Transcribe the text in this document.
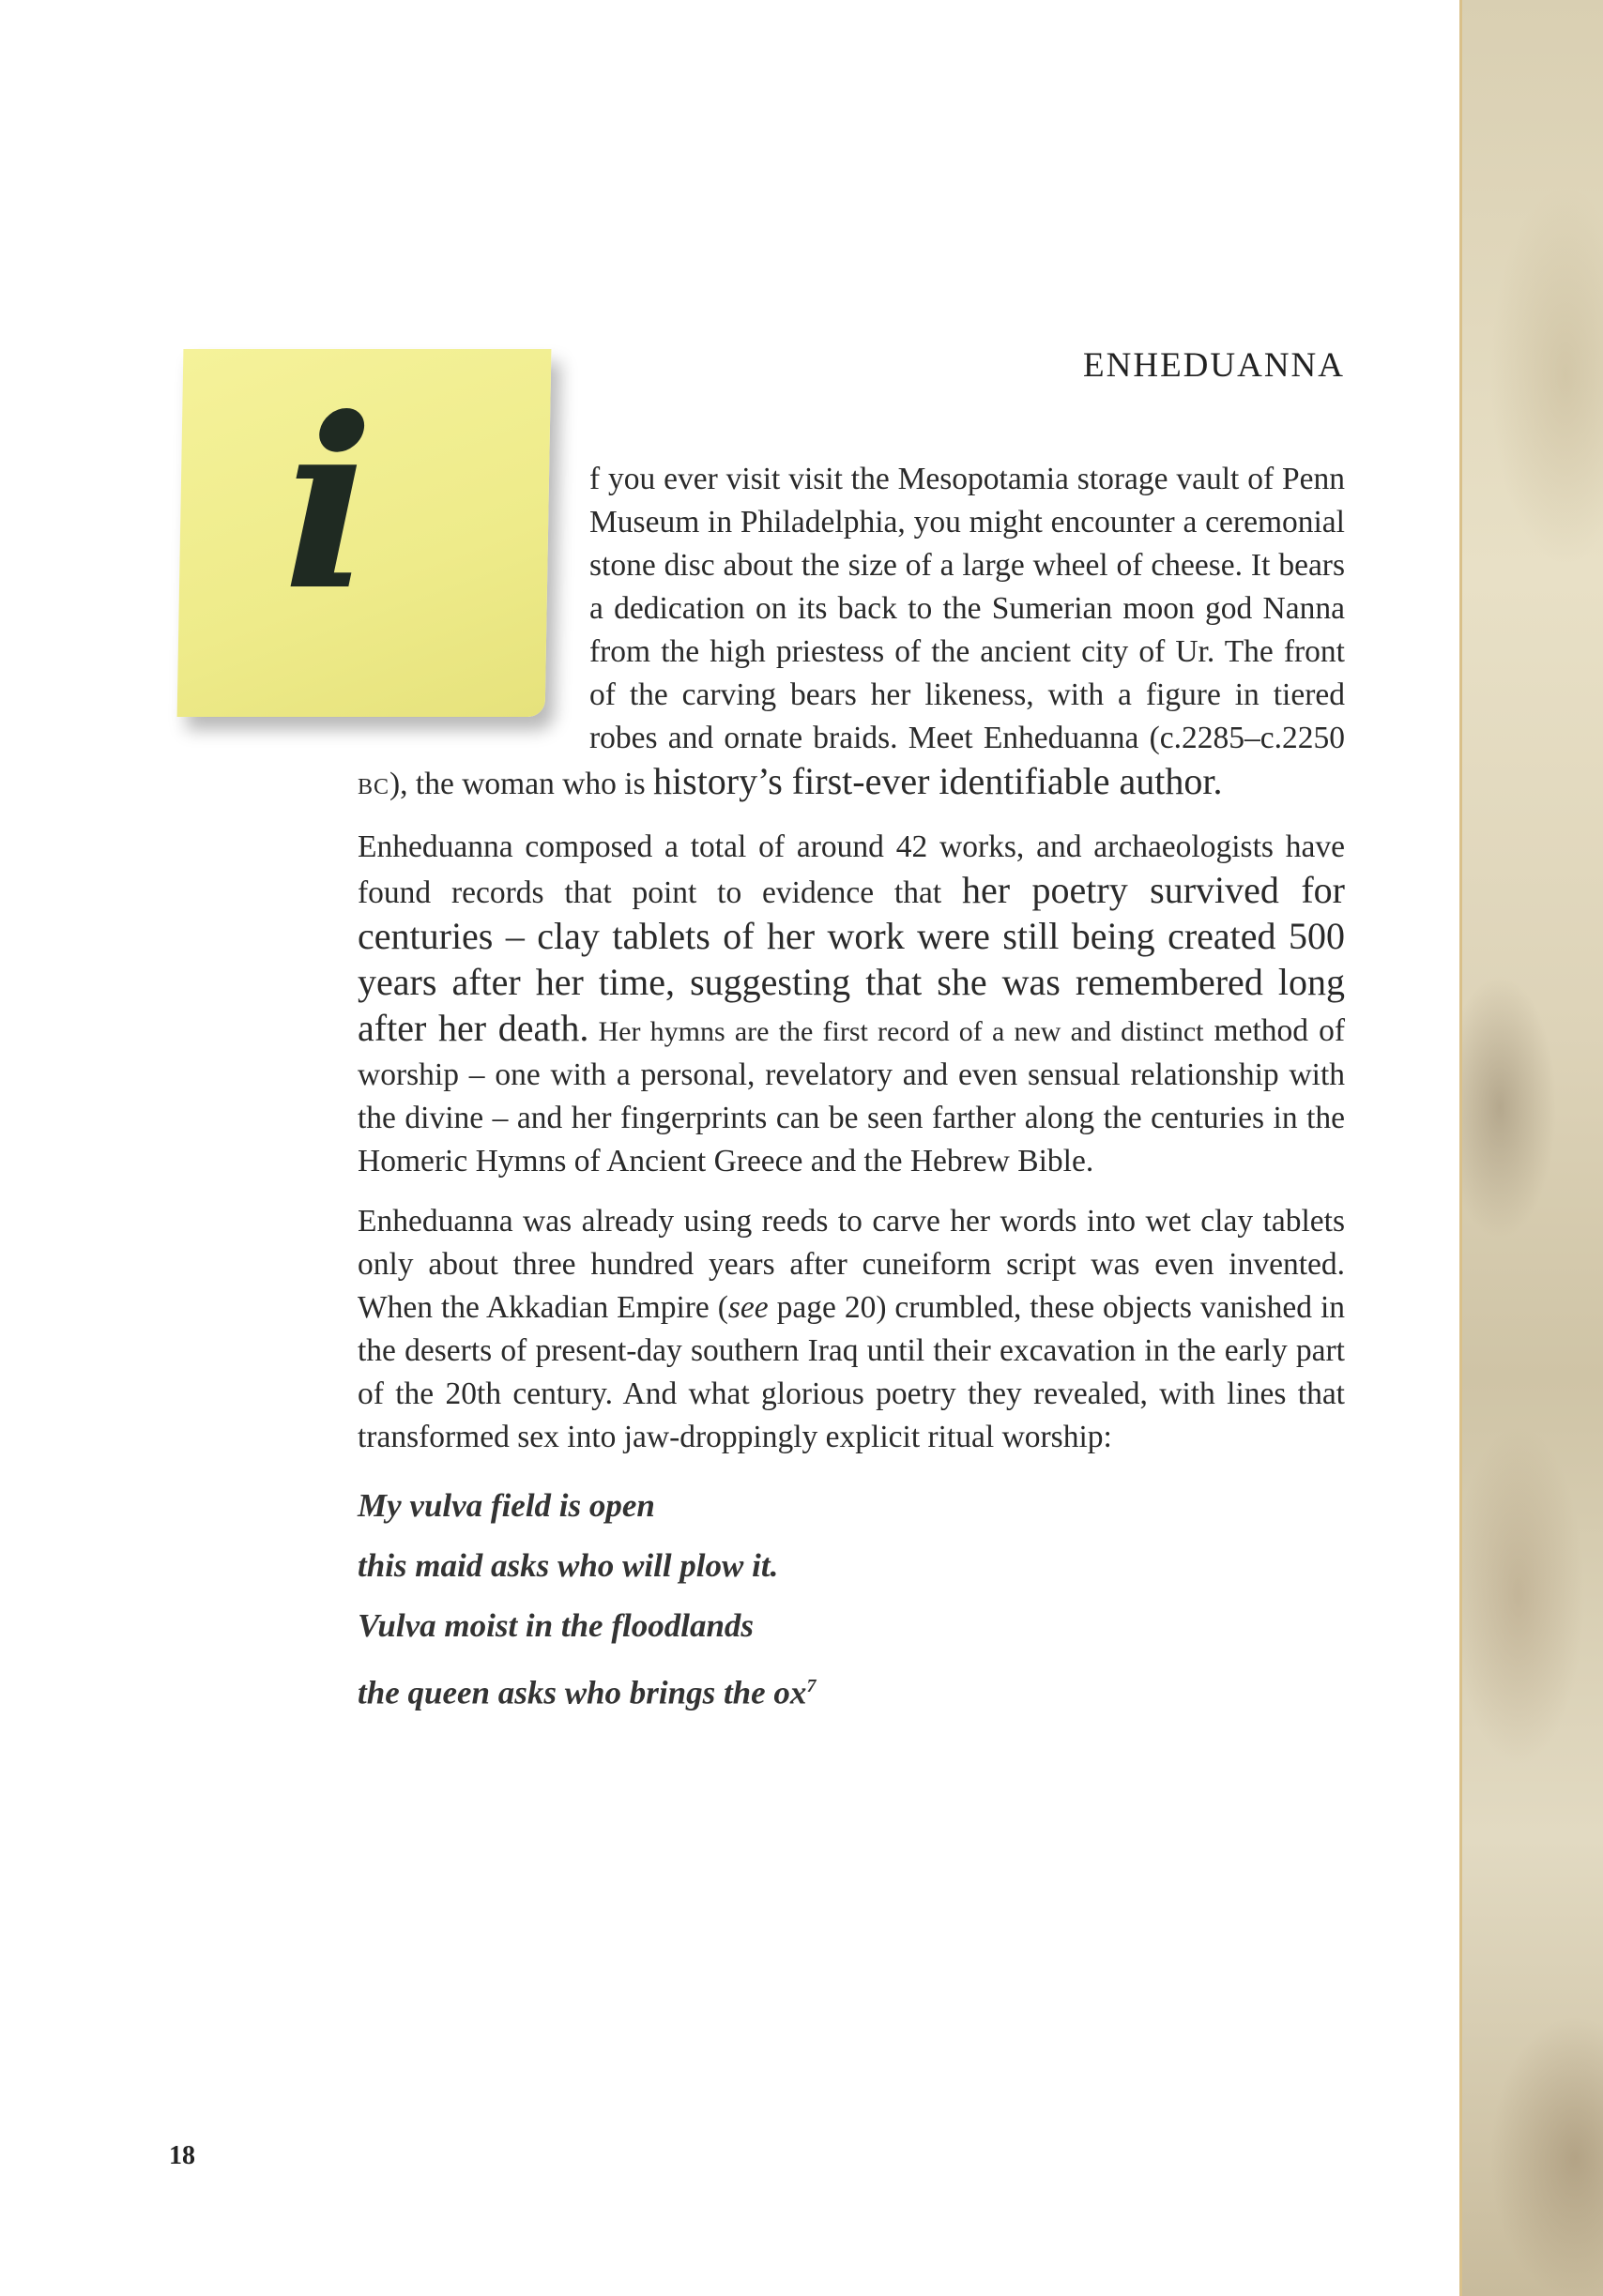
i
ENHEDUANNA

f you ever visit visit the Mesopotamia storage vault of Penn Museum in Philadelphia, you might encounter a ceremonial stone disc about the size of a large wheel of cheese. It bears a dedication on its back to the Sumerian moon god Nanna from the high priestess of the ancient city of Ur. The front of the carving bears her likeness, with a figure in tiered robes and ornate braids. Meet Enheduanna (c.2285–c.2250 BC), the woman who is history’s first-ever identifiable author.

Enheduanna composed a total of around 42 works, and archaeologists have found records that point to evidence that her poetry survived for centuries – clay tablets of her work were still being created 500 years after her time, suggesting that she was remembered long after her death. Her hymns are the first record of a new and distinct method of worship – one with a personal, revelatory and even sensual relationship with the divine – and her fingerprints can be seen farther along the centuries in the Homeric Hymns of Ancient Greece and the Hebrew Bible.

Enheduanna was already using reeds to carve her words into wet clay tablets only about three hundred years after cuneiform script was even invented. When the Akkadian Empire (see page 20) crumbled, these objects vanished in the deserts of present-day southern Iraq until their excavation in the early part of the 20th century. And what glorious poetry they revealed, with lines that transformed sex into jaw-droppingly explicit ritual worship:

My vulva field is open
this maid asks who will plow it.
Vulva moist in the floodlands
the queen asks who brings the $ox^7$
18
